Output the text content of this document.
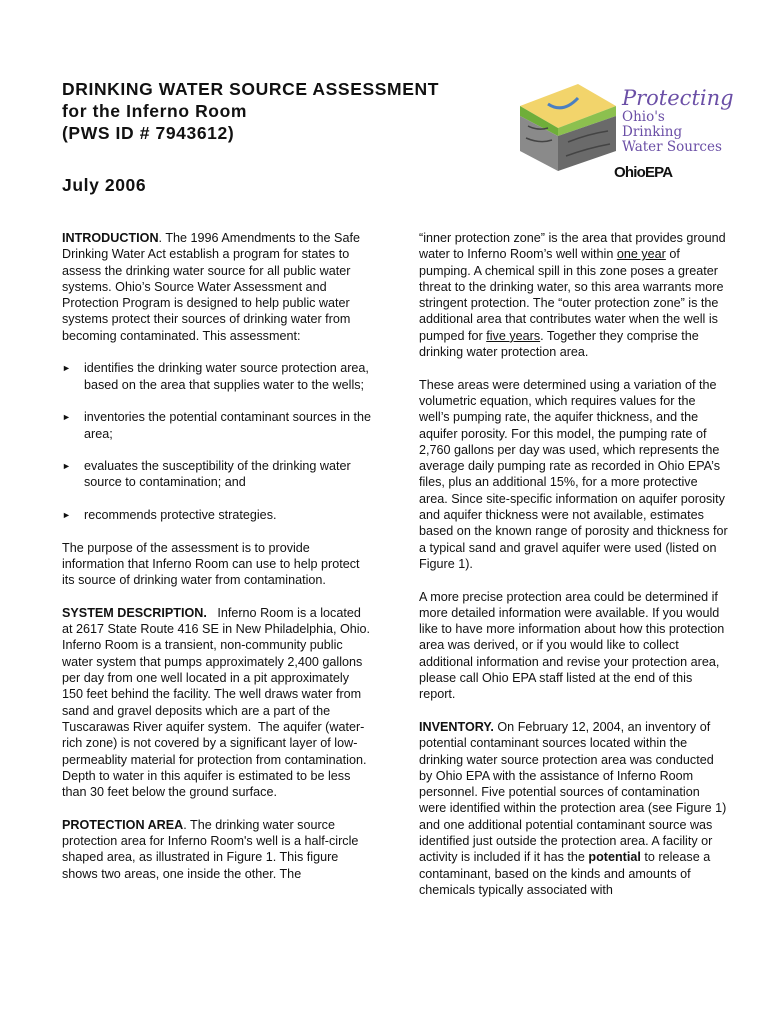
DRINKING WATER SOURCE ASSESSMENT

for the Inferno Room

(PWS ID # 7943612)

July 2006

Protecting
Ohio's Drinking
Water Sources
OhioEPA

INTRODUCTION. The 1996 Amendments to the Safe Drinking Water Act establish a program for states to assess the drinking water source for all public water systems. Ohio’s Source Water Assessment and Protection Program is designed to help public water systems protect their sources of drinking water from becoming contaminated. This assessment:

► identifies the drinking water source protection area, based on the area that supplies water to the wells;
► inventories the potential contaminant sources in the area;
► evaluates the susceptibility of the drinking water source to contamination; and
► recommends protective strategies.

The purpose of the assessment is to provide information that Inferno Room can use to help protect its source of drinking water from contamination.

SYSTEM DESCRIPTION.   Inferno Room is a located at 2617 State Route 416 SE in New Philadelphia, Ohio.   Inferno Room is a transient, non-community public water system that pumps approximately 2,400 gallons per day from one well located in a pit approximately 150 feet behind the facility. The well draws water from sand and gravel deposits which are a part of the Tuscarawas River aquifer system.  The aquifer (water-rich zone) is not covered by a significant layer of low-permeablity material for protection from contamination.  Depth to water in this aquifer is estimated to be less than 30 feet below the ground surface.

PROTECTION AREA. The drinking water source protection area for Inferno Room's well is a half-circle shaped area, as illustrated in Figure 1. This figure shows two areas, one inside the other. The

“inner protection zone” is the area that provides ground water to Inferno Room’s well within one year of pumping. A chemical spill in this zone poses a greater threat to the drinking water, so this area warrants more stringent protection. The “outer protection zone” is the additional area that contributes water when the well is pumped for five years. Together they comprise the drinking water protection area.

These areas were determined using a variation of the volumetric equation, which requires values for the well’s pumping rate, the aquifer thickness, and the aquifer porosity. For this model, the pumping rate of 2,760 gallons per day was used, which represents the average daily pumping rate as recorded in Ohio EPA’s files, plus an additional 15%, for a more protective area. Since site-specific information on aquifer porosity and aquifer thickness were not available, estimates based on the known range of porosity and thickness for a typical sand and gravel aquifer were used (listed on Figure 1).

A more precise protection area could be determined if more detailed information were available. If you would like to have more information about how this protection area was derived, or if you would like to collect additional information and revise your protection area, please call Ohio EPA staff listed at the end of this report.

INVENTORY. On February 12, 2004, an inventory of potential contaminant sources located within the drinking water source protection area was conducted by Ohio EPA with the assistance of Inferno Room personnel. Five potential sources of contamination were identified within the protection area (see Figure 1) and one additional potential contaminant source was identified just outside the protection area. A facility or activity is included if it has the potential to release a contaminant, based on the kinds and amounts of chemicals typically associated with
